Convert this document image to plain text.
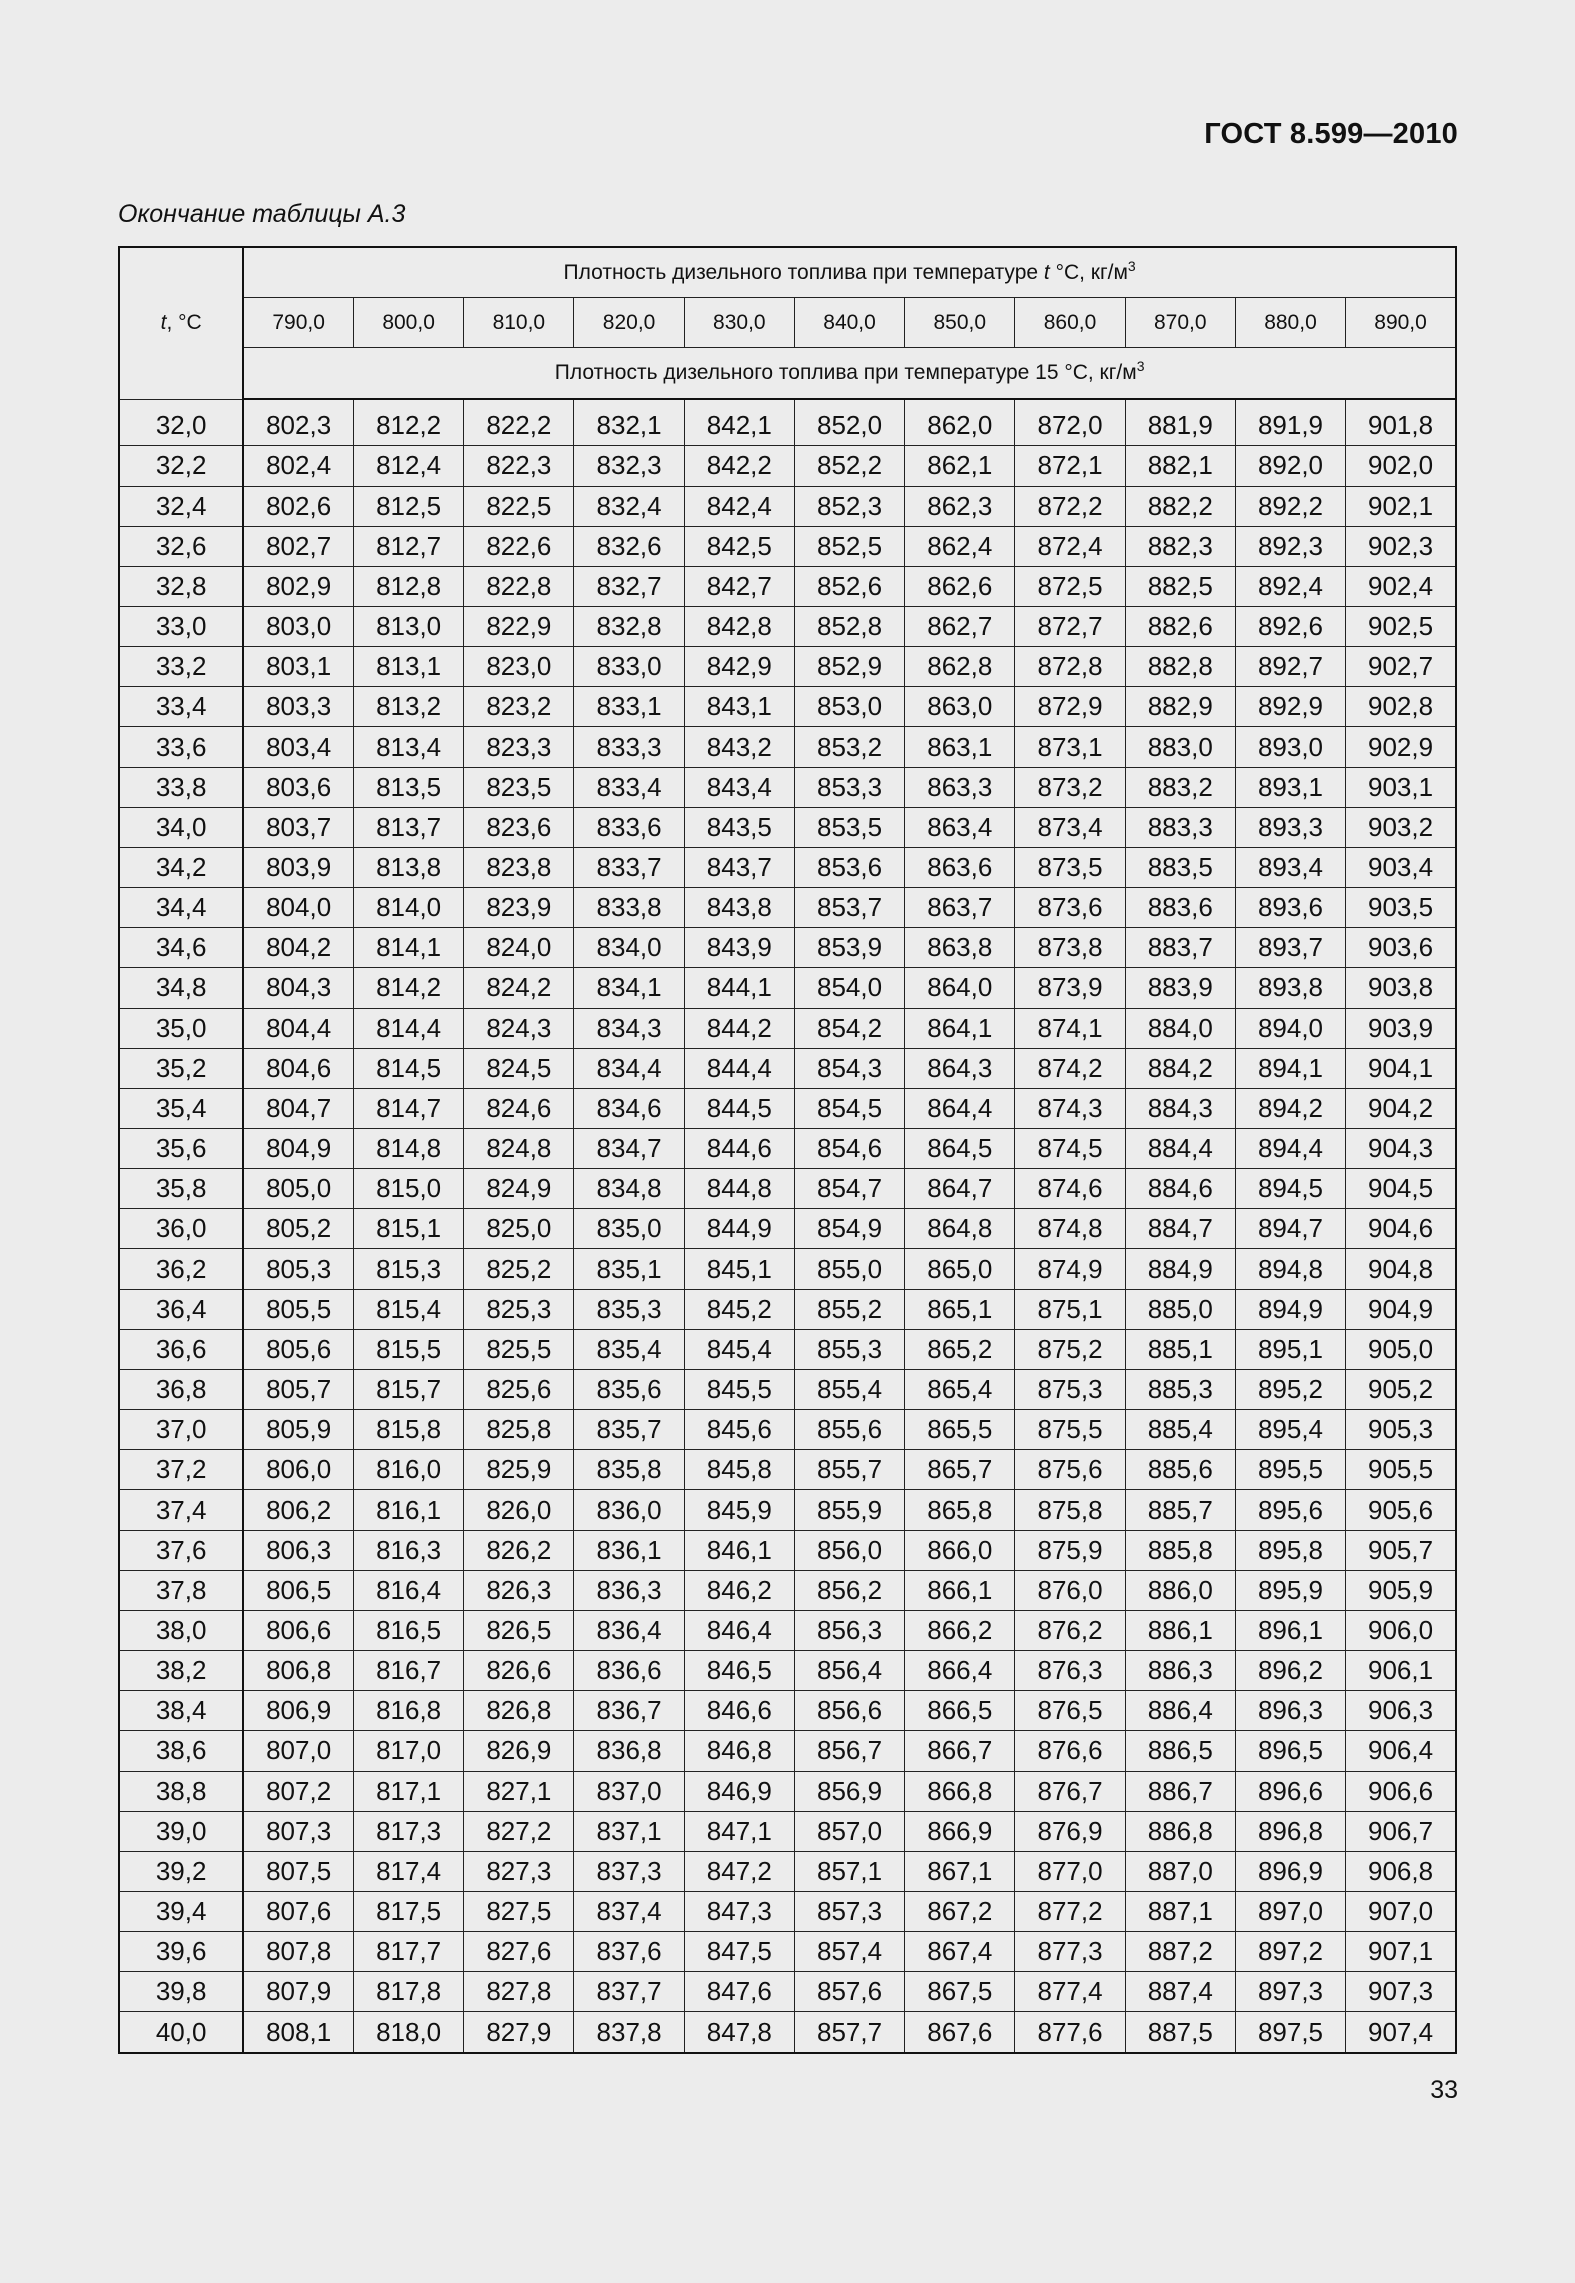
ГОСТ 8.599—2010
Окончание таблицы А.3
t, °C	Плотность дизельного топлива при температуре t °C, $кг/м^3$
	790,0	800,0	810,0	820,0	830,0	840,0	850,0	860,0	870,0	880,0	890,0
	Плотность дизельного топлива при температуре 15 °C, $кг/м^3$
32,0	802,3	812,2	822,2	832,1	842,1	852,0	862,0	872,0	881,9	891,9	901,8
32,2	802,4	812,4	822,3	832,3	842,2	852,2	862,1	872,1	882,1	892,0	902,0
32,4	802,6	812,5	822,5	832,4	842,4	852,3	862,3	872,2	882,2	892,2	902,1
32,6	802,7	812,7	822,6	832,6	842,5	852,5	862,4	872,4	882,3	892,3	902,3
32,8	802,9	812,8	822,8	832,7	842,7	852,6	862,6	872,5	882,5	892,4	902,4
33,0	803,0	813,0	822,9	832,8	842,8	852,8	862,7	872,7	882,6	892,6	902,5
33,2	803,1	813,1	823,0	833,0	842,9	852,9	862,8	872,8	882,8	892,7	902,7
33,4	803,3	813,2	823,2	833,1	843,1	853,0	863,0	872,9	882,9	892,9	902,8
33,6	803,4	813,4	823,3	833,3	843,2	853,2	863,1	873,1	883,0	893,0	902,9
33,8	803,6	813,5	823,5	833,4	843,4	853,3	863,3	873,2	883,2	893,1	903,1
34,0	803,7	813,7	823,6	833,6	843,5	853,5	863,4	873,4	883,3	893,3	903,2
34,2	803,9	813,8	823,8	833,7	843,7	853,6	863,6	873,5	883,5	893,4	903,4
34,4	804,0	814,0	823,9	833,8	843,8	853,7	863,7	873,6	883,6	893,6	903,5
34,6	804,2	814,1	824,0	834,0	843,9	853,9	863,8	873,8	883,7	893,7	903,6
34,8	804,3	814,2	824,2	834,1	844,1	854,0	864,0	873,9	883,9	893,8	903,8
35,0	804,4	814,4	824,3	834,3	844,2	854,2	864,1	874,1	884,0	894,0	903,9
35,2	804,6	814,5	824,5	834,4	844,4	854,3	864,3	874,2	884,2	894,1	904,1
35,4	804,7	814,7	824,6	834,6	844,5	854,5	864,4	874,3	884,3	894,2	904,2
35,6	804,9	814,8	824,8	834,7	844,6	854,6	864,5	874,5	884,4	894,4	904,3
35,8	805,0	815,0	824,9	834,8	844,8	854,7	864,7	874,6	884,6	894,5	904,5
36,0	805,2	815,1	825,0	835,0	844,9	854,9	864,8	874,8	884,7	894,7	904,6
36,2	805,3	815,3	825,2	835,1	845,1	855,0	865,0	874,9	884,9	894,8	904,8
36,4	805,5	815,4	825,3	835,3	845,2	855,2	865,1	875,1	885,0	894,9	904,9
36,6	805,6	815,5	825,5	835,4	845,4	855,3	865,2	875,2	885,1	895,1	905,0
36,8	805,7	815,7	825,6	835,6	845,5	855,4	865,4	875,3	885,3	895,2	905,2
37,0	805,9	815,8	825,8	835,7	845,6	855,6	865,5	875,5	885,4	895,4	905,3
37,2	806,0	816,0	825,9	835,8	845,8	855,7	865,7	875,6	885,6	895,5	905,5
37,4	806,2	816,1	826,0	836,0	845,9	855,9	865,8	875,8	885,7	895,6	905,6
37,6	806,3	816,3	826,2	836,1	846,1	856,0	866,0	875,9	885,8	895,8	905,7
37,8	806,5	816,4	826,3	836,3	846,2	856,2	866,1	876,0	886,0	895,9	905,9
38,0	806,6	816,5	826,5	836,4	846,4	856,3	866,2	876,2	886,1	896,1	906,0
38,2	806,8	816,7	826,6	836,6	846,5	856,4	866,4	876,3	886,3	896,2	906,1
38,4	806,9	816,8	826,8	836,7	846,6	856,6	866,5	876,5	886,4	896,3	906,3
38,6	807,0	817,0	826,9	836,8	846,8	856,7	866,7	876,6	886,5	896,5	906,4
38,8	807,2	817,1	827,1	837,0	846,9	856,9	866,8	876,7	886,7	896,6	906,6
39,0	807,3	817,3	827,2	837,1	847,1	857,0	866,9	876,9	886,8	896,8	906,7
39,2	807,5	817,4	827,3	837,3	847,2	857,1	867,1	877,0	887,0	896,9	906,8
39,4	807,6	817,5	827,5	837,4	847,3	857,3	867,2	877,2	887,1	897,0	907,0
39,6	807,8	817,7	827,6	837,6	847,5	857,4	867,4	877,3	887,2	897,2	907,1
39,8	807,9	817,8	827,8	837,7	847,6	857,6	867,5	877,4	887,4	897,3	907,3
40,0	808,1	818,0	827,9	837,8	847,8	857,7	867,6	877,6	887,5	897,5	907,4
33
